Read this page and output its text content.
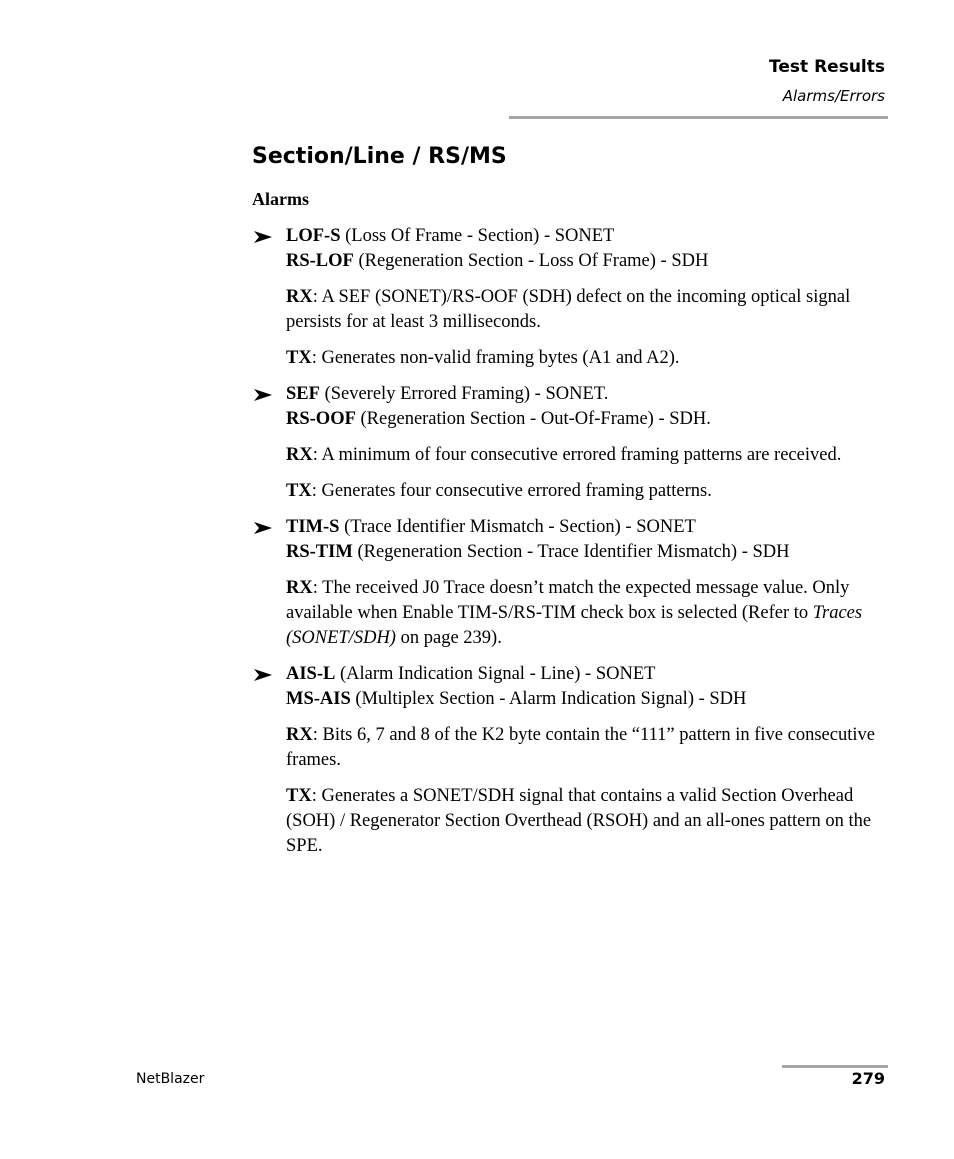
Test Results
Alarms/Errors
Section/Line / RS/MS
Alarms
LOF-S (Loss Of Frame - Section) - SONET
RS-LOF (Regeneration Section - Loss Of Frame) - SDH

RX: A SEF (SONET)/RS-OOF (SDH) defect on the incoming optical signal persists for at least 3 milliseconds.

TX: Generates non-valid framing bytes (A1 and A2).

SEF (Severely Errored Framing) - SONET.
RS-OOF (Regeneration Section - Out-Of-Frame) - SDH.

RX: A minimum of four consecutive errored framing patterns are received.

TX: Generates four consecutive errored framing patterns.

TIM-S (Trace Identifier Mismatch - Section) - SONET
RS-TIM (Regeneration Section - Trace Identifier Mismatch) - SDH

RX: The received J0 Trace doesn’t match the expected message value. Only available when Enable TIM-S/RS-TIM check box is selected (Refer to Traces (SONET/SDH) on page 239).

AIS-L (Alarm Indication Signal - Line) - SONET
MS-AIS (Multiplex Section - Alarm Indication Signal) - SDH

RX: Bits 6, 7 and 8 of the K2 byte contain the “111” pattern in five consecutive frames.

TX: Generates a SONET/SDH signal that contains a valid Section Overhead (SOH) / Regenerator Section Overthead (RSOH) and an all-ones pattern on the SPE.

NetBlazer	279
